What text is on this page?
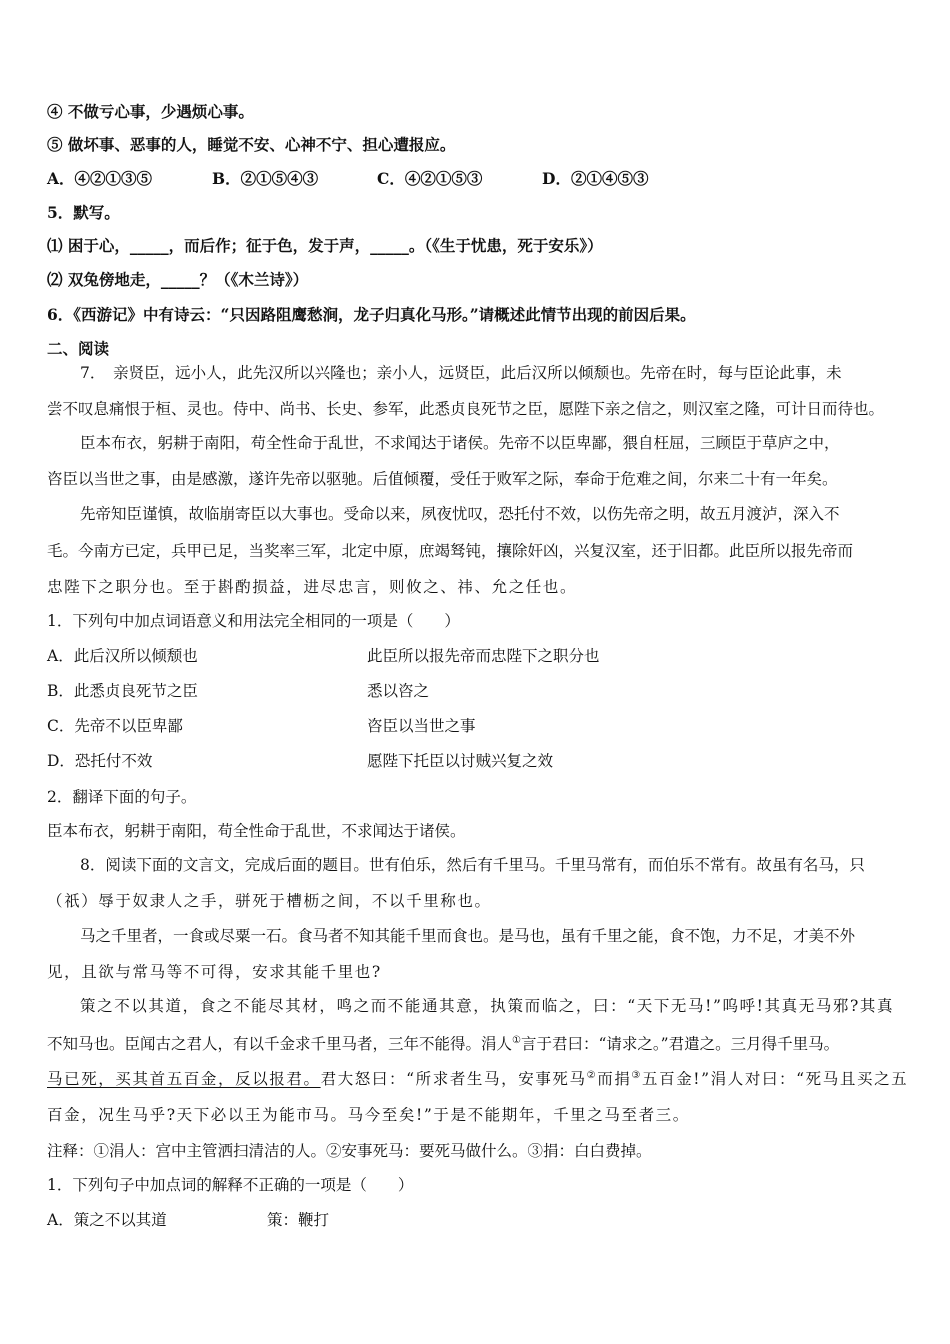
④ 不做亏心事，少遇烦心事。
⑤ 做坏事、恶事的人，睡觉不安、心神不宁、担心遭报应。
A．④②①③⑤	B．②①⑤④③	C．④②①⑤③	D．②①④⑤③
5．默写。
⑴ 困于心，_____，而后作；征于色，发于声，_____。（《生于忧患，死于安乐》）
⑵ 双兔傍地走，_____？（《木兰诗》）
6．《西游记》中有诗云：“只因路阻鹰愁涧，龙子归真化马形。”请概述此情节出现的前因后果。
二、阅读
7．　亲贤臣，远小人，此先汉所以兴隆也；亲小人，远贤臣，此后汉所以倾颓也。先帝在时，每与臣论此事，未
尝不叹息痛恨于桓、灵也。侍中、尚书、长史、参军，此悉贞良死节之臣，愿陛下亲之信之，则汉室之隆，可计日而待也。
臣本布衣，躬耕于南阳，苟全性命于乱世，不求闻达于诸侯。先帝不以臣卑鄙，猥自枉屈，三顾臣于草庐之中，
咨臣以当世之事，由是感激，遂许先帝以驱驰。后值倾覆，受任于败军之际，奉命于危难之间，尔来二十有一年矣。
先帝知臣谨慎，故临崩寄臣以大事也。受命以来，夙夜忧叹，恐托付不效，以伤先帝之明，故五月渡泸，深入不
毛。今南方已定，兵甲已足，当奖率三军，北定中原，庶竭驽钝，攘除奸凶，兴复汉室，还于旧都。此臣所以报先帝而
忠陛下之职分也。至于斟酌损益，进尽忠言，则攸之、祎、允之任也。
1．下列句中加点词语意义和用法完全相同的一项是（　　）
A．此后汉所以倾颓也	此臣所以报先帝而忠陛下之职分也
B．此悉贞良死节之臣	悉以咨之
C．先帝不以臣卑鄙	咨臣以当世之事
D．恐托付不效	愿陛下托臣以讨贼兴复之效
2．翻译下面的句子。
臣本布衣，躬耕于南阳，苟全性命于乱世，不求闻达于诸侯。
8．阅读下面的文言文，完成后面的题目。世有伯乐，然后有千里马。千里马常有，而伯乐不常有。故虽有名马，只
（祇）辱于奴隶人之手，骈死于槽枥之间，不以千里称也。
马之千里者，一食或尽粟一石。食马者不知其能千里而食也。是马也，虽有千里之能，食不饱，力不足，才美不外
见，且欲与常马等不可得，安求其能千里也?
策之不以其道，食之不能尽其材，鸣之而不能通其意，执策而临之，曰：“天下无马!”呜呼!其真无马邪?其真
不知马也。臣闻古之君人，有以千金求千里马者，三年不能得。涓人①言于君曰：“请求之。”君遣之。三月得千里马。
马已死，买其首五百金，反以报君。君大怒曰：“所求者生马，安事死马②而捐③五百金!”涓人对曰：“死马且买之五
百金，况生马乎?天下必以王为能市马。马今至矣!”于是不能期年，千里之马至者三。
注释：①涓人：宫中主管洒扫清洁的人。②安事死马：要死马做什么。③捐：白白费掉。
1．下列句子中加点词的解释不正确的一项是（　　）
A．策之不以其道	策：鞭打
